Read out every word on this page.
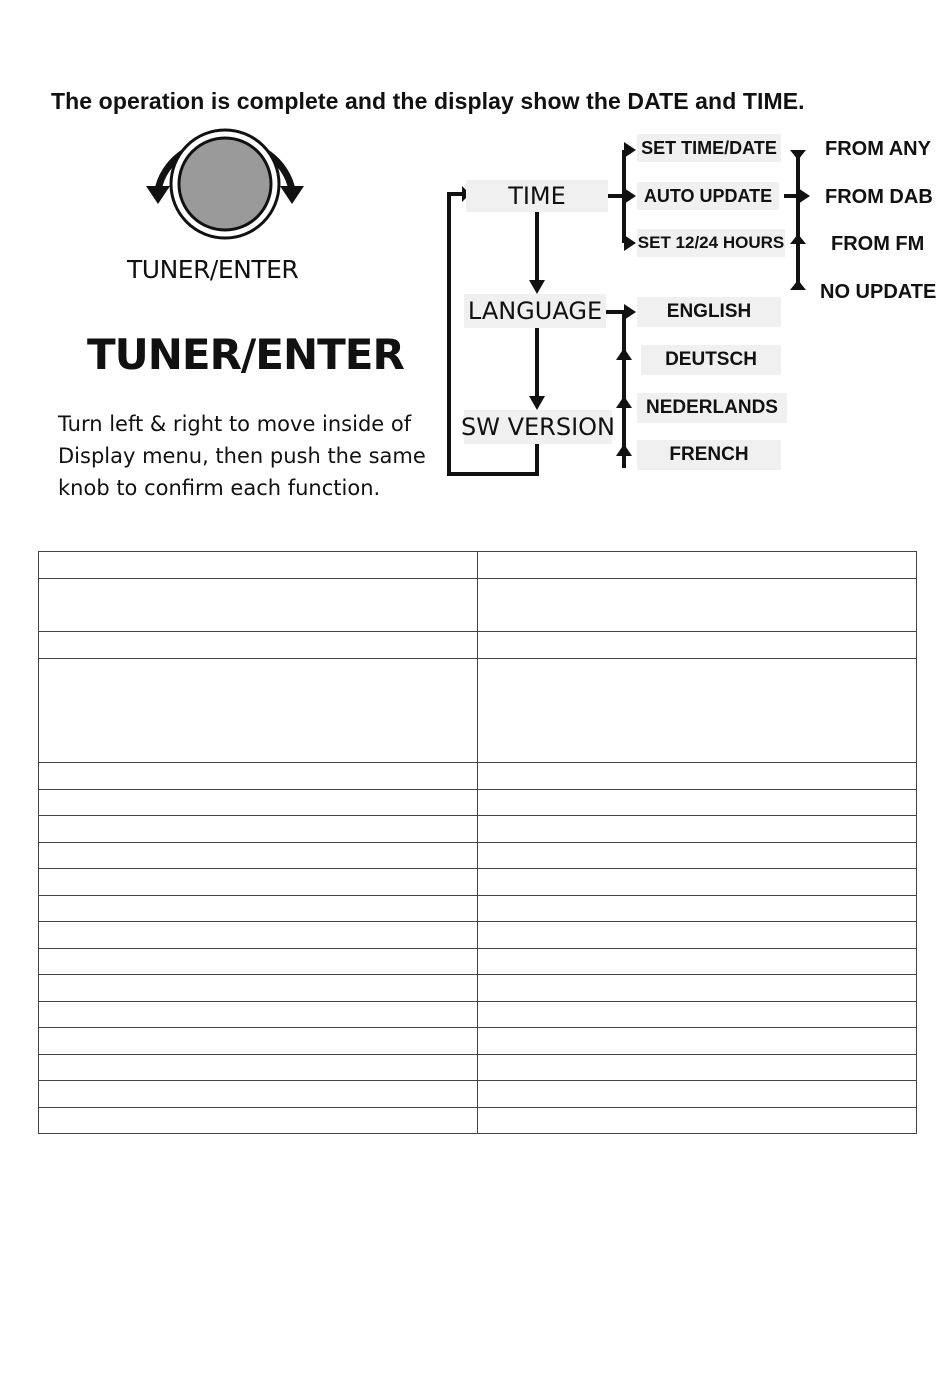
The operation is complete and the display show the DATE and TIME.
TUNER/ENTER
TUNER/ENTER
Turn left & right to move inside of
Display menu, then push the same
knob to confirm each function.
TIME
LANGUAGE
SW VERSION
SET TIME/DATE
AUTO UPDATE
SET 12/24 HOURS
FROM ANY
FROM DAB
FROM FM
NO UPDATE
ENGLISH
DEUTSCH
NEDERLANDS
FRENCH
